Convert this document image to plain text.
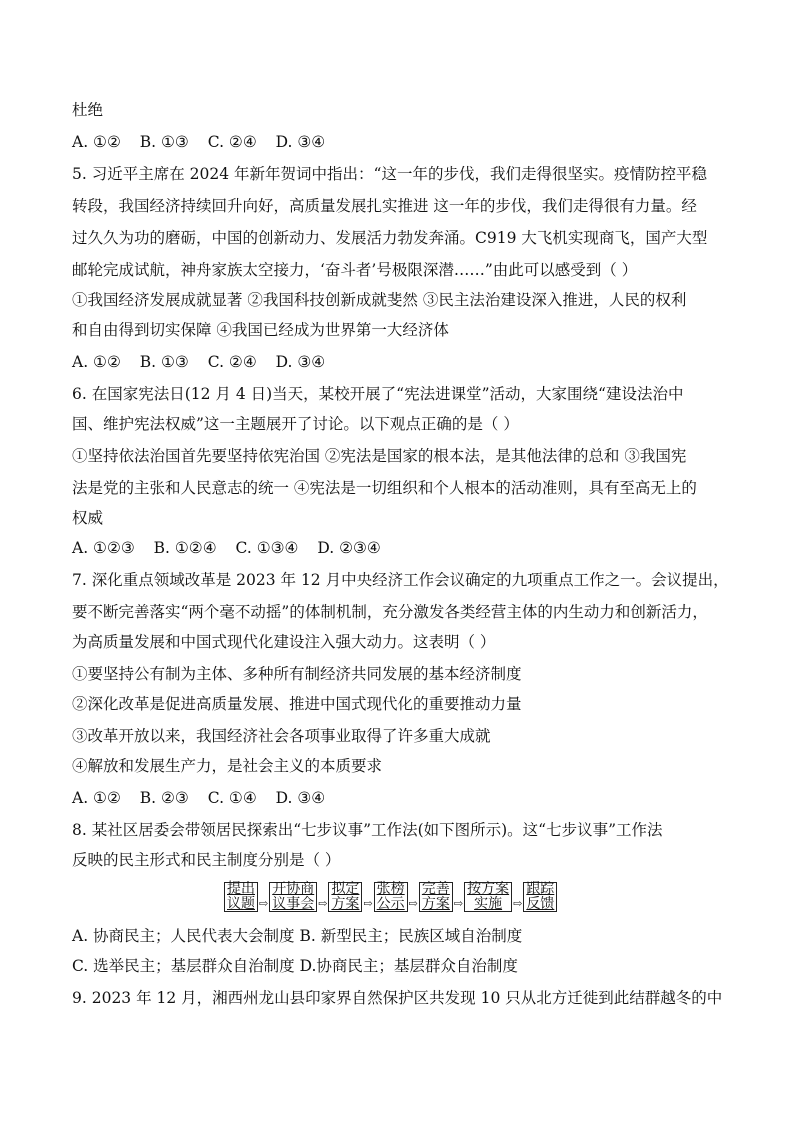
杜绝
A. ①② B. ①③ C. ②④ D. ③④
5. 习近平主席在 2024 年新年贺词中指出：“这一年的步伐，我们走得很坚实。疫情防控平稳
转段，我国经济持续回升向好，高质量发展扎实推进 这一年的步伐，我们走得很有力量。经
过久久为功的磨砺，中国的创新动力、发展活力勃发奔涌。C919 大飞机实现商飞，国产大型
邮轮完成试航，神舟家族太空接力，‘奋斗者’号极限深潜……”由此可以感受到（ ）
①我国经济发展成就显著 ②我国科技创新成就斐然 ③民主法治建设深入推进，人民的权利
和自由得到切实保障 ④我国已经成为世界第一大经济体
A. ①② B. ①③ C. ②④ D. ③④
6. 在国家宪法日(12 月 4 日)当天，某校开展了“宪法进课堂”活动，大家围绕“建设法治中
国、维护宪法权威”这一主题展开了讨论。以下观点正确的是（ ）
①坚持依法治国首先要坚持依宪治国 ②宪法是国家的根本法，是其他法律的总和 ③我国宪
法是党的主张和人民意志的统一 ④宪法是一切组织和个人根本的活动准则，具有至高无上的
权威
A. ①②③ B. ①②④ C. ①③④ D. ②③④
7. 深化重点领域改革是 2023 年 12 月中央经济工作会议确定的九项重点工作之一。会议提出，
要不断完善落实“两个毫不动摇”的体制机制，充分激发各类经营主体的内生动力和创新活力，
为高质量发展和中国式现代化建设注入强大动力。这表明（ ）
①要坚持公有制为主体、多种所有制经济共同发展的基本经济制度
②深化改革是促进高质量发展、推进中国式现代化的重要推动力量
③改革开放以来，我国经济社会各项事业取得了许多重大成就
④解放和发展生产力，是社会主义的本质要求
A. ①② B. ②③ C. ①④ D. ③④
8. 某社区居委会带领居民探索出“七步议事”工作法(如下图所示)。这“七步议事”工作法
反映的民主形式和民主制度分别是（ ）
提出
议题 ⇨
开协商
议事会 ⇨
拟定
方案 ⇨
张榜
公示 ⇨
完善
方案 ⇨
按方案
实施	⇨
跟踪
反馈
A. 协商民主；人民代表大会制度 B. 新型民主；民族区域自治制度
C. 选举民主；基层群众自治制度 D.协商民主；基层群众自治制度
9. 2023 年 12 月，湘西州龙山县印家界自然保护区共发现 10 只从北方迁徙到此结群越冬的中
